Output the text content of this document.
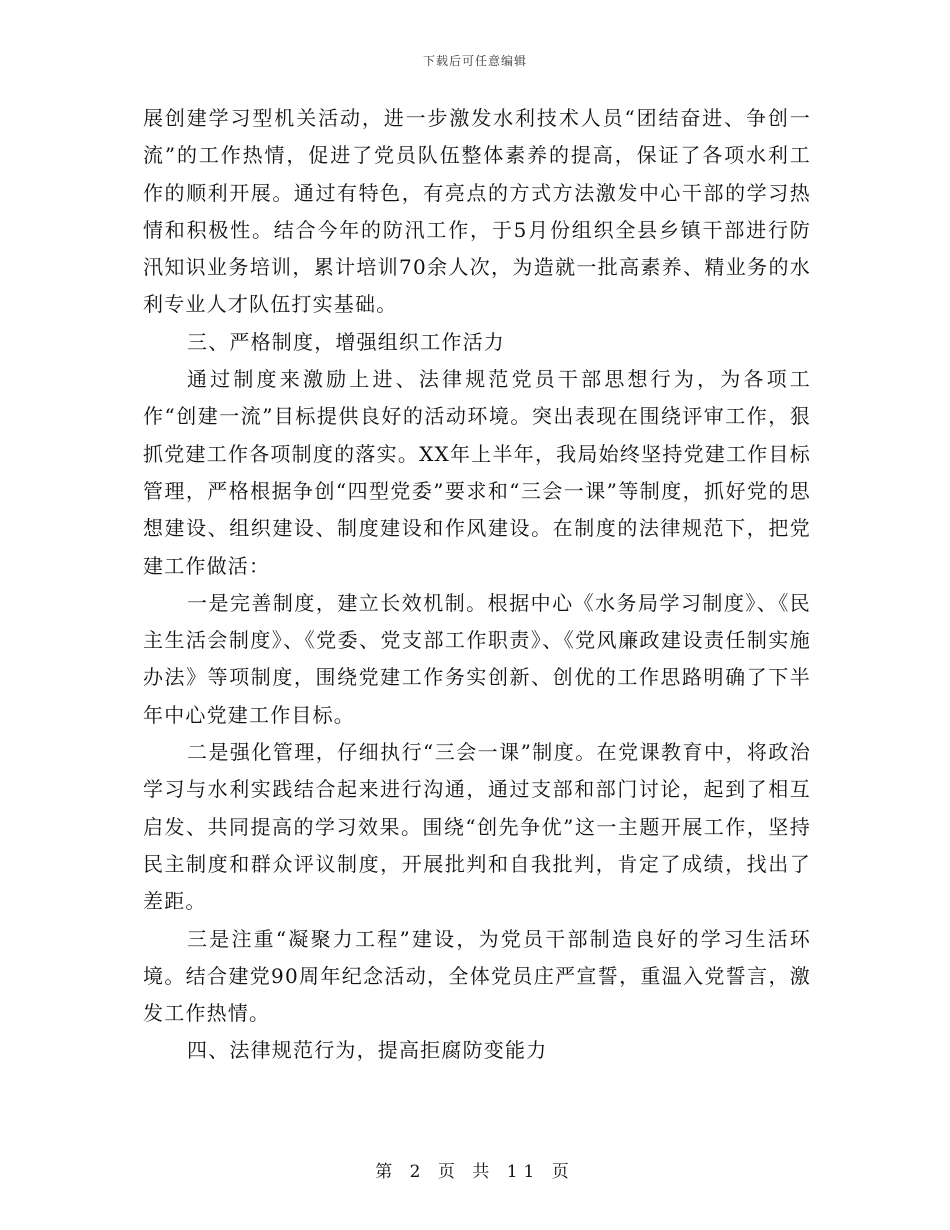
下载后可任意编辑

展创建学习型机关活动，进一步激发水利技术人员“团结奋进、争创一流”的工作热情，促进了党员队伍整体素养的提高，保证了各项水利工作的顺利开展。通过有特色，有亮点的方式方法激发中心干部的学习热情和积极性。结合今年的防汛工作，于5月份组织全县乡镇干部进行防汛知识业务培训，累计培训70余人次，为造就一批高素养、精业务的水利专业人才队伍打实基础。

三、严格制度，增强组织工作活力

通过制度来激励上进、法律规范党员干部思想行为，为各项工作“创建一流”目标提供良好的活动环境。突出表现在围绕评审工作，狠抓党建工作各项制度的落实。XX年上半年，我局始终坚持党建工作目标管理，严格根据争创“四型党委”要求和“三会一课”等制度，抓好党的思想建设、组织建设、制度建设和作风建设。在制度的法律规范下，把党建工作做活：

一是完善制度，建立长效机制。根据中心《水务局学习制度》、《民主生活会制度》、《党委、党支部工作职责》、《党风廉政建设责任制实施办法》等项制度，围绕党建工作务实创新、创优的工作思路明确了下半年中心党建工作目标。

二是强化管理，仔细执行“三会一课”制度。在党课教育中，将政治学习与水利实践结合起来进行沟通，通过支部和部门讨论，起到了相互启发、共同提高的学习效果。围绕“创先争优”这一主题开展工作，坚持民主制度和群众评议制度，开展批判和自我批判，肯定了成绩，找出了差距。

三是注重“凝聚力工程”建设，为党员干部制造良好的学习生活环境。结合建党90周年纪念活动，全体党员庄严宣誓，重温入党誓言，激发工作热情。

四、法律规范行为，提高拒腐防变能力

第 2 页 共 11 页
